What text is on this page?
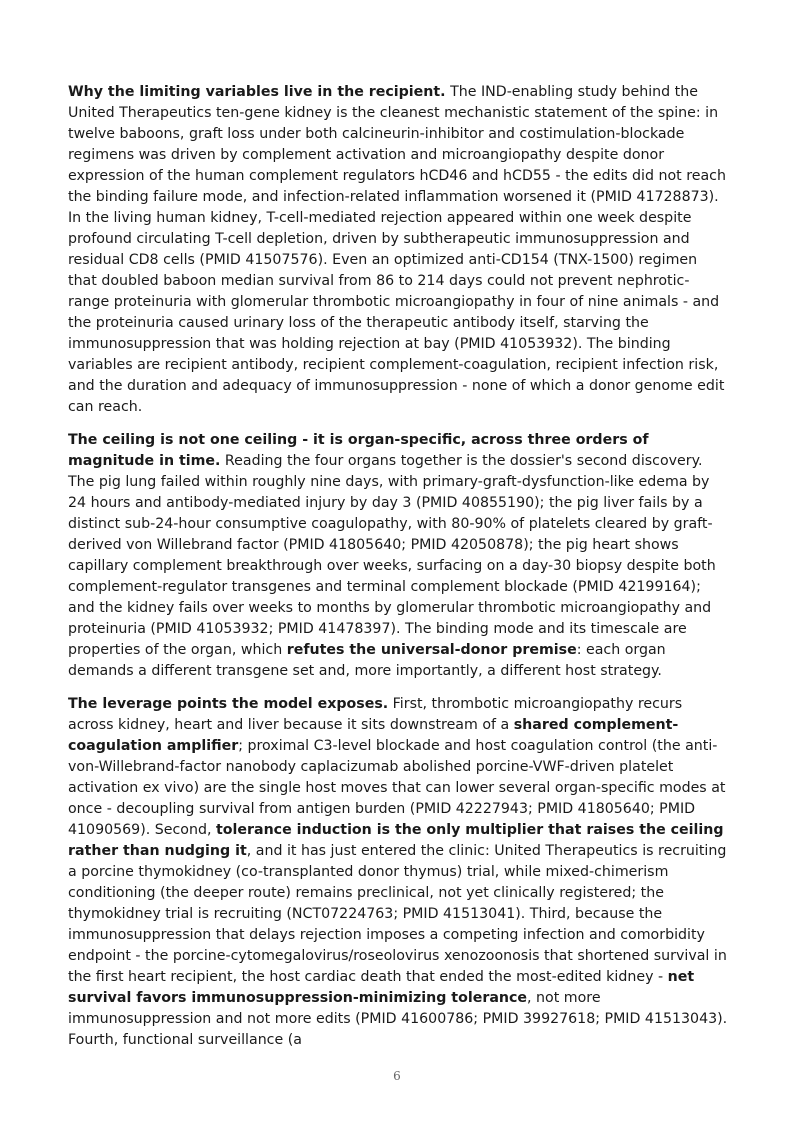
Why the limiting variables live in the recipient. The IND-enabling study behind the United Therapeutics ten-gene kidney is the cleanest mechanistic statement of the spine: in twelve baboons, graft loss under both calcineurin-inhibitor and costimulation-blockade regimens was driven by complement activation and microangiopathy despite donor expression of the human complement regulators hCD46 and hCD55 - the edits did not reach the binding failure mode, and infection-related inflammation worsened it (PMID 41728873). In the living human kidney, T-cell-mediated rejection appeared within one week despite profound circulating T-cell depletion, driven by subtherapeutic immunosuppression and residual CD8 cells (PMID 41507576). Even an optimized anti-CD154 (TNX-1500) regimen that doubled baboon median survival from 86 to 214 days could not prevent nephrotic-range proteinuria with glomerular thrombotic microangiopathy in four of nine animals - and the proteinuria caused urinary loss of the therapeutic antibody itself, starving the immunosuppression that was holding rejection at bay (PMID 41053932). The binding variables are recipient antibody, recipient complement-coagulation, recipient infection risk, and the duration and adequacy of immunosuppression - none of which a donor genome edit can reach.

The ceiling is not one ceiling - it is organ-specific, across three orders of magnitude in time. Reading the four organs together is the dossier's second discovery. The pig lung failed within roughly nine days, with primary-graft-dysfunction-like edema by 24 hours and antibody-mediated injury by day 3 (PMID 40855190); the pig liver fails by a distinct sub-24-hour consumptive coagulopathy, with 80-90% of platelets cleared by graft-derived von Willebrand factor (PMID 41805640; PMID 42050878); the pig heart shows capillary complement breakthrough over weeks, surfacing on a day-30 biopsy despite both complement-regulator transgenes and terminal complement blockade (PMID 42199164); and the kidney fails over weeks to months by glomerular thrombotic microangiopathy and proteinuria (PMID 41053932; PMID 41478397). The binding mode and its timescale are properties of the organ, which refutes the universal-donor premise: each organ demands a different transgene set and, more importantly, a different host strategy.

The leverage points the model exposes. First, thrombotic microangiopathy recurs across kidney, heart and liver because it sits downstream of a shared complement-coagulation amplifier; proximal C3-level blockade and host coagulation control (the anti-von-Willebrand-factor nanobody caplacizumab abolished porcine-VWF-driven platelet activation ex vivo) are the single host moves that can lower several organ-specific modes at once - decoupling survival from antigen burden (PMID 42227943; PMID 41805640; PMID 41090569). Second, tolerance induction is the only multiplier that raises the ceiling rather than nudging it, and it has just entered the clinic: United Therapeutics is recruiting a porcine thymokidney (co-transplanted donor thymus) trial, while mixed-chimerism conditioning (the deeper route) remains preclinical, not yet clinically registered; the thymokidney trial is recruiting (NCT07224763; PMID 41513041). Third, because the immunosuppression that delays rejection imposes a competing infection and comorbidity endpoint - the porcine-cytomegalovirus/roseolovirus xenozoonosis that shortened survival in the first heart recipient, the host cardiac death that ended the most-edited kidney - net survival favors immunosuppression-minimizing tolerance, not more immunosuppression and not more edits (PMID 41600786; PMID 39927618; PMID 41513043). Fourth, functional surveillance (a

6
